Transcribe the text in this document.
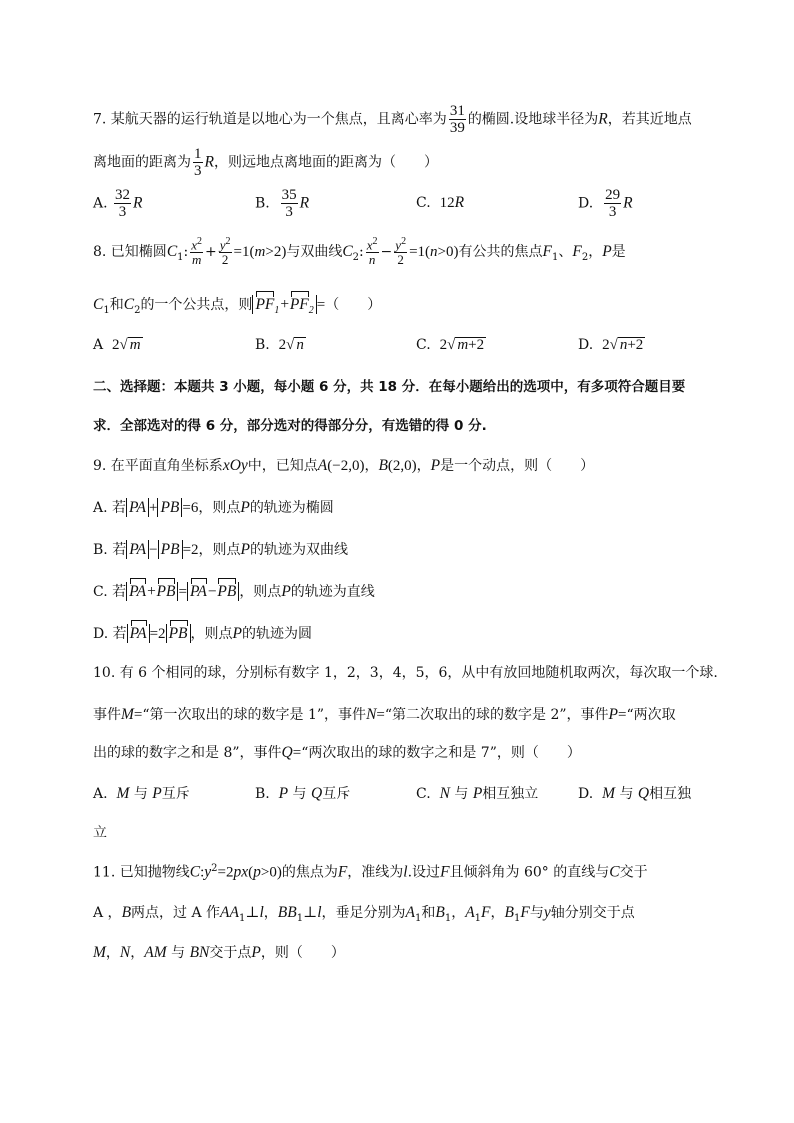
7. 某航天器的运行轨道是以地心为一个焦点，且离心率为 $\frac{31}{39}$ 的椭圆.设地球半径为R，若其近地点
离地面的距离为 $\frac{1}{3}$ R，则远地点离地面的距离为（　　）
A. $\frac{32}{3}$ R	B. $\frac{35}{3}$ R	C.  12R	D. $\frac{29}{3}$ R
8. 已知椭圆$C_1$: $\frac{x^2}{m} + \frac{y^2}{2} =1(m>2)$与双曲线$C_2$: $\frac{x^2}{n} - \frac{y^2}{2} =1(n>0)$有公共的焦点$F_1$、$F_2$，P是
$C_1$和$C_2$的一个公共点，则 $PF_1+PF_2$ =（　　）
A  2√ m	B.  2√ n	C.  2√ m+2	D.  2√ n+2
二、选择题：本题共 3 小题，每小题 6 分，共 18 分．在每小题给出的选项中，有多项符合题目要
求．全部选对的得 6 分，部分选对的得部分分，有选错的得 0 分.
9. 在平面直角坐标系xOy中，已知点A(−2,0)，B(2,0)，P是一个动点，则（　　）
A. 若 PA + PB =6，则点P的轨迹为椭圆
B. 若 PA − PB =2，则点P的轨迹为双曲线
C. 若 PA+PB = PA−PB ，则点P的轨迹为直线
D. 若 PA =2 PB ，则点P的轨迹为圆
10. 有 6 个相同的球，分别标有数字 1，2，3，4，5，6，从中有放回地随机取两次，每次取一个球.
事件M=“第一次取出的球的数字是 1”，事件N=“第二次取出的球的数字是 2”，事件P=“两次取
出的球的数字之和是 8”，事件Q=“两次取出的球的数字之和是 7”，则（　　）
A.  M 与 P互斥	B.  P 与 Q互斥	C.  N 与 P相互独立	D.  M 与 Q相互独
立
11. 已知抛物线$C:y^2=2px(p>0)$的焦点为F，准线为l.设过F且倾斜角为 60° 的直线与C交于
A ，B两点，过 A 作$AA_1\perp l$，$BB_1\perp l$，垂足分别为$A_1$和$B_1$，$A_1F$，$B_1F$与y轴分别交于点
M，N，AM 与 BN交于点P，则（　　）
